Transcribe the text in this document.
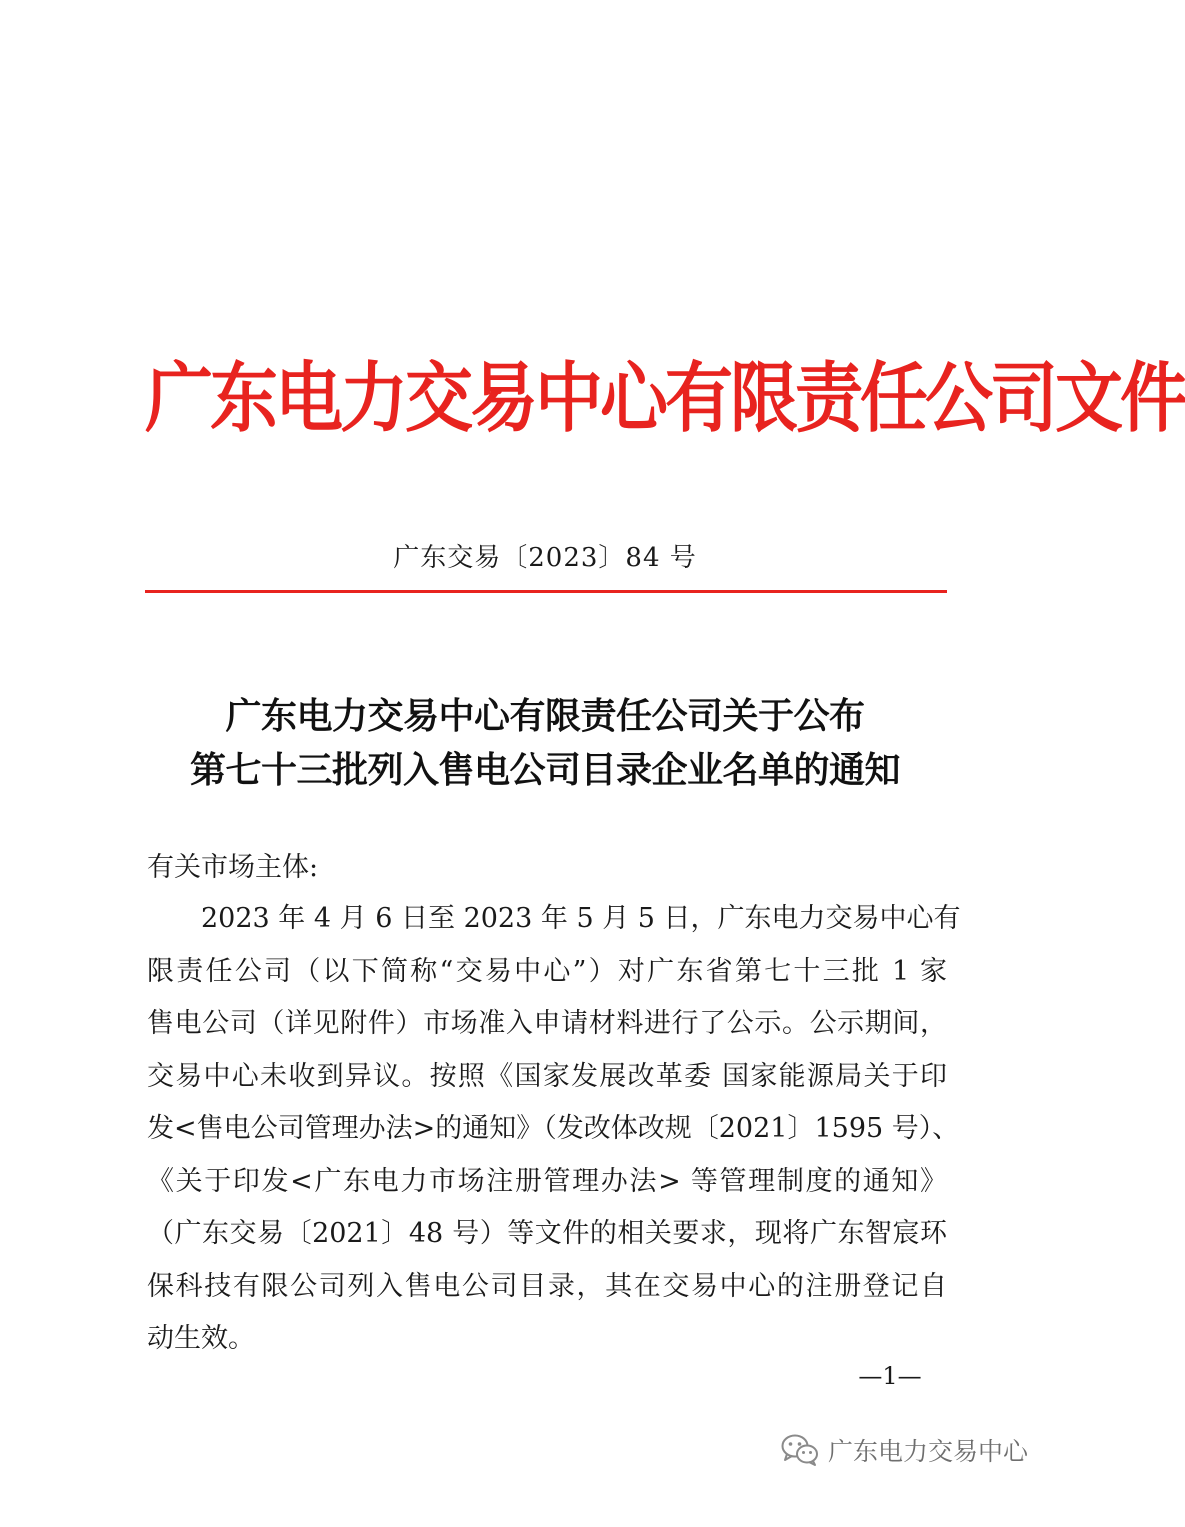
广东电力交易中心有限责任公司文件
广东交易〔2023〕84 号
广东电力交易中心有限责任公司关于公布
第七十三批列入售电公司目录企业名单的通知
有关市场主体:
2023 年 4 月 6 日至 2023 年 5 月 5 日，广东电力交易中心有
限责任公司（以下简称“交易中心”）对广东省第七十三批 1 家
售电公司（详见附件）市场准入申请材料进行了公示。公示期间，
交易中心未收到异议。按照《国家发展改革委 国家能源局关于印
发<售电公司管理办法>的通知》（发改体改规〔2021〕1595 号）、
《关于印发<广东电力市场注册管理办法> 等管理制度的通知》
（广东交易〔2021〕48 号）等文件的相关要求，现将广东智宸环
保科技有限公司列入售电公司目录，其在交易中心的注册登记自
动生效。
—1—
广东电力交易中心
